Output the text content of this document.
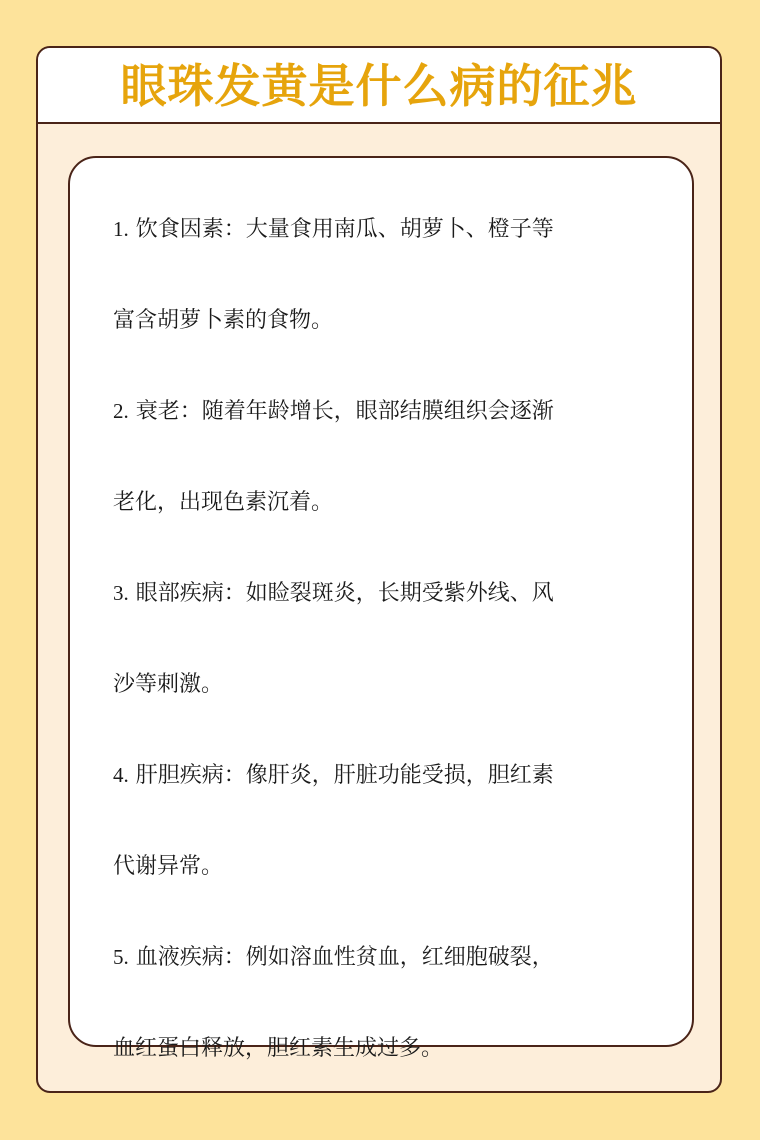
眼珠发黄是什么病的征兆

1. 饮食因素：大量食用南瓜、胡萝卜、橙子等

富含胡萝卜素的食物。

2. 衰老：随着年龄增长，眼部结膜组织会逐渐

老化，出现色素沉着。

3. 眼部疾病：如睑裂斑炎，长期受紫外线、风

沙等刺激。

4. 肝胆疾病：像肝炎，肝脏功能受损，胆红素

代谢异常。

5. 血液疾病：例如溶血性贫血，红细胞破裂，

血红蛋白释放，胆红素生成过多。
